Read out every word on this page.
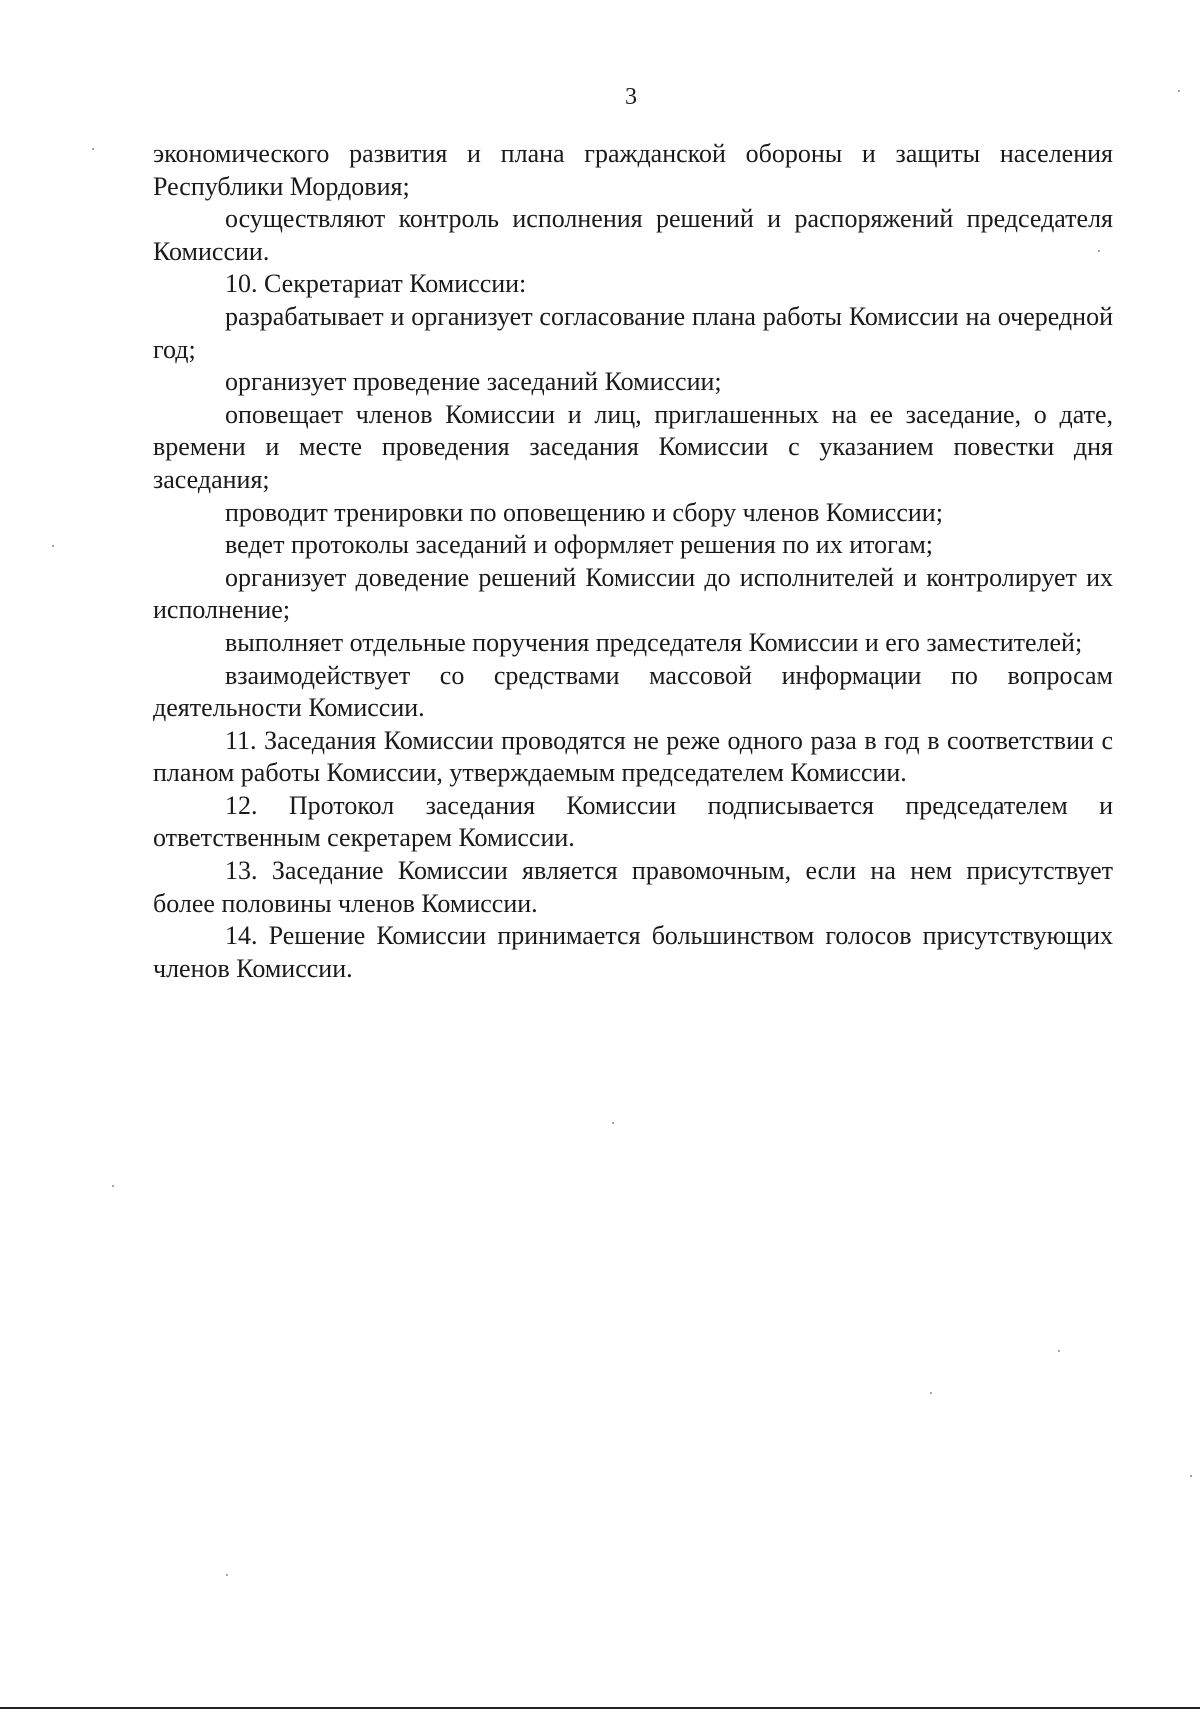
3

экономического развития и плана гражданской обороны и защиты населения Республики Мордовия;

осуществляют контроль исполнения решений и распоряжений председателя Комиссии.

10. Секретариат Комиссии:

разрабатывает и организует согласование плана работы Комиссии на очередной год;

организует проведение заседаний Комиссии;

оповещает членов Комиссии и лиц, приглашенных на ее заседание, о дате, времени и месте проведения заседания Комиссии с указанием повестки дня заседания;

проводит тренировки по оповещению и сбору членов Комиссии;

ведет протоколы заседаний и оформляет решения по их итогам;

организует доведение решений Комиссии до исполнителей и контролирует их исполнение;

выполняет отдельные поручения председателя Комиссии и его заместителей;

взаимодействует со средствами массовой информации по вопросам деятельности Комиссии.

11. Заседания Комиссии проводятся не реже одного раза в год в соответствии с планом работы Комиссии, утверждаемым председателем Комиссии.

12. Протокол заседания Комиссии подписывается председателем и ответственным секретарем Комиссии.

13. Заседание Комиссии является правомочным, если на нем присутствует более половины членов Комиссии.

14. Решение Комиссии принимается большинством голосов присутствующих членов Комиссии.
